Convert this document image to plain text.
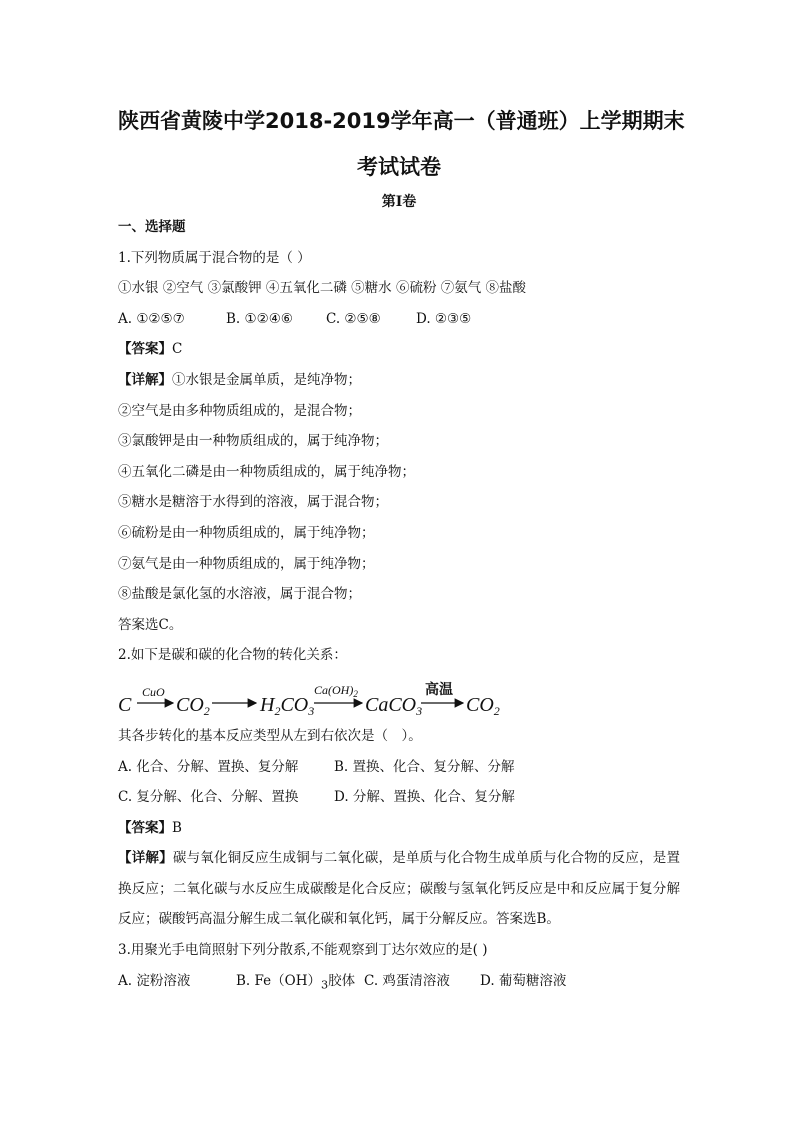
陕西省黄陵中学2018-2019学年高一（普通班）上学期期末
考试试卷
第Ⅰ卷
一、选择题
1.下列物质属于混合物的是（ ）
①水银 ②空气 ③氯酸钾 ④五氧化二磷 ⑤糖水 ⑥硫粉 ⑦氨气 ⑧盐酸
A. ①②⑤⑦	B. ①②④⑥ C. ②⑤⑧	D. ②③⑤
【答案】C
【详解】①水银是金属单质，是纯净物；
②空气是由多种物质组成的，是混合物；
③氯酸钾是由一种物质组成的，属于纯净物；
④五氧化二磷是由一种物质组成的，属于纯净物；
⑤糖水是糖溶于水得到的溶液，属于混合物；
⑥硫粉是由一种物质组成的，属于纯净物；
⑦氨气是由一种物质组成的，属于纯净物；
⑧盐酸是氯化氢的水溶液，属于混合物；
答案选C。
2.如下是碳和碳的化合物的转化关系：
C
CuO
$CO_2$	$H_2CO_3$
$Ca(OH)_2$ CaCO$_3$
高温
$CO_2$
其各步转化的基本反应类型从左到右依次是（　）。
A. 化合、分解、置换、复分解	B. 置换、化合、复分解、分解
C. 复分解、化合、分解、置换	D. 分解、置换、化合、复分解
【答案】B
【详解】碳与氧化铜反应生成铜与二氧化碳，是单质与化合物生成单质与化合物的反应，是置换反应；二氧化碳与水反应生成碳酸是化合反应；碳酸与氢氧化钙反应是中和反应属于复分解反应；碳酸钙高温分解生成二氧化碳和氧化钙，属于分解反应。答案选B。
3.用聚光手电筒照射下列分散系,不能观察到丁达尔效应的是( )
A. 淀粉溶液	B. $Fe(OH)_3$胶体 C. 鸡蛋清溶液 D. 葡萄糖溶液
